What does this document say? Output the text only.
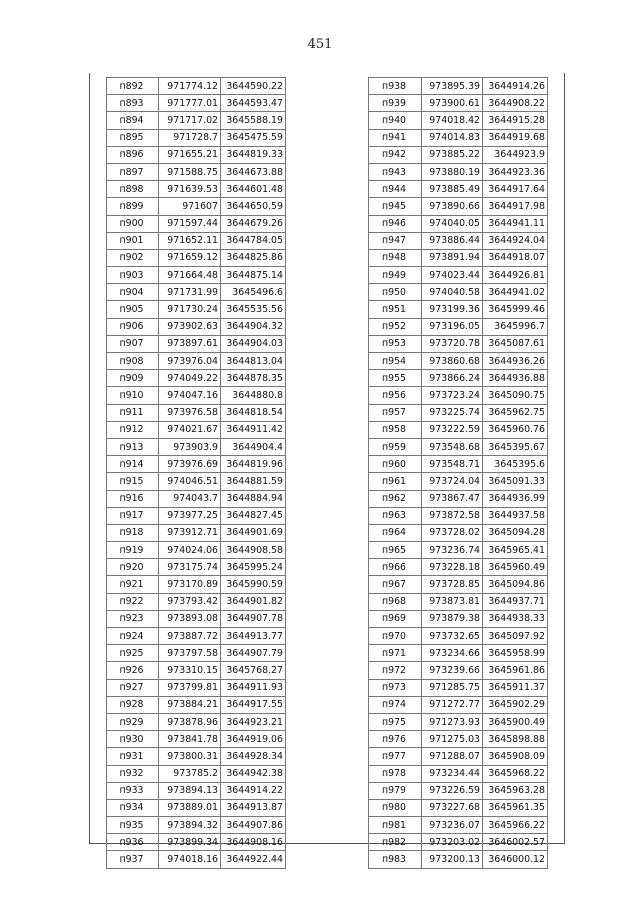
451
п892	971774.12	3644590.22
п893	971777.01	3644593.47
п894	971717.02	3645588.19
п895	971728.7	3645475.59
п896	971655.21	3644819.33
п897	971588.75	3644673.88
п898	971639.53	3644601.48
п899	971607	3644650.59
п900	971597.44	3644679.26
п901	971652.11	3644784.05
п902	971659.12	3644825.86
п903	971664.48	3644875.14
п904	971731.99	3645496.6
п905	971730.24	3645535.56
п906	973902.63	3644904.32
п907	973897.61	3644904.03
п908	973976.04	3644813.04
п909	974049.22	3644878.35
п910	974047.16	3644880.8
п911	973976.58	3644818.54
п912	974021.67	3644911.42
п913	973903.9	3644904.4
п914	973976.69	3644819.96
п915	974046.51	3644881.59
п916	974043.7	3644884.94
п917	973977.25	3644827.45
п918	973912.71	3644901.69
п919	974024.06	3644908.58
п920	973175.74	3645995.24
п921	973170.89	3645990.59
п922	973793.42	3644901.82
п923	973893.08	3644907.78
п924	973887.72	3644913.77
п925	973797.58	3644907.79
п926	973310.15	3645768.27
п927	973799.81	3644911.93
п928	973884.21	3644917.55
п929	973878.96	3644923.21
п930	973841.78	3644919.06
п931	973800.31	3644928.34
п932	973785.2	3644942.38
п933	973894.13	3644914.22
п934	973889.01	3644913.87
п935	973894.32	3644907.86
п936	973899.34	3644908.16
п937	974018.16	3644922.44
п938	973895.39	3644914.26
п939	973900.61	3644908.22
п940	974018.42	3644915.28
п941	974014.83	3644919.68
п942	973885.22	3644923.9
п943	973880.19	3644923.36
п944	973885.49	3644917.64
п945	973890.66	3644917.98
п946	974040.05	3644941.11
п947	973886.44	3644924.04
п948	973891.94	3644918.07
п949	974023.44	3644926.81
п950	974040.58	3644941.02
п951	973199.36	3645999.46
п952	973196.05	3645996.7
п953	973720.78	3645087.61
п954	973860.68	3644936.26
п955	973866.24	3644936.88
п956	973723.24	3645090.75
п957	973225.74	3645962.75
п958	973222.59	3645960.76
п959	973548.68	3645395.67
п960	973548.71	3645395.6
п961	973724.04	3645091.33
п962	973867.47	3644936.99
п963	973872.58	3644937.58
п964	973728.02	3645094.28
п965	973236.74	3645965.41
п966	973228.18	3645960.49
п967	973728.85	3645094.86
п968	973873.81	3644937.71
п969	973879.38	3644938.33
п970	973732.65	3645097.92
п971	973234.66	3645958.99
п972	973239.66	3645961.86
п973	971285.75	3645911.37
п974	971272.77	3645902.29
п975	971273.93	3645900.49
п976	971275.03	3645898.88
п977	971288.07	3645908.09
п978	973234.44	3645968.22
п979	973226.59	3645963.28
п980	973227.68	3645961.35
п981	973236.07	3645966.22
п982	973203.02	3646002.57
п983	973200.13	3646000.12
